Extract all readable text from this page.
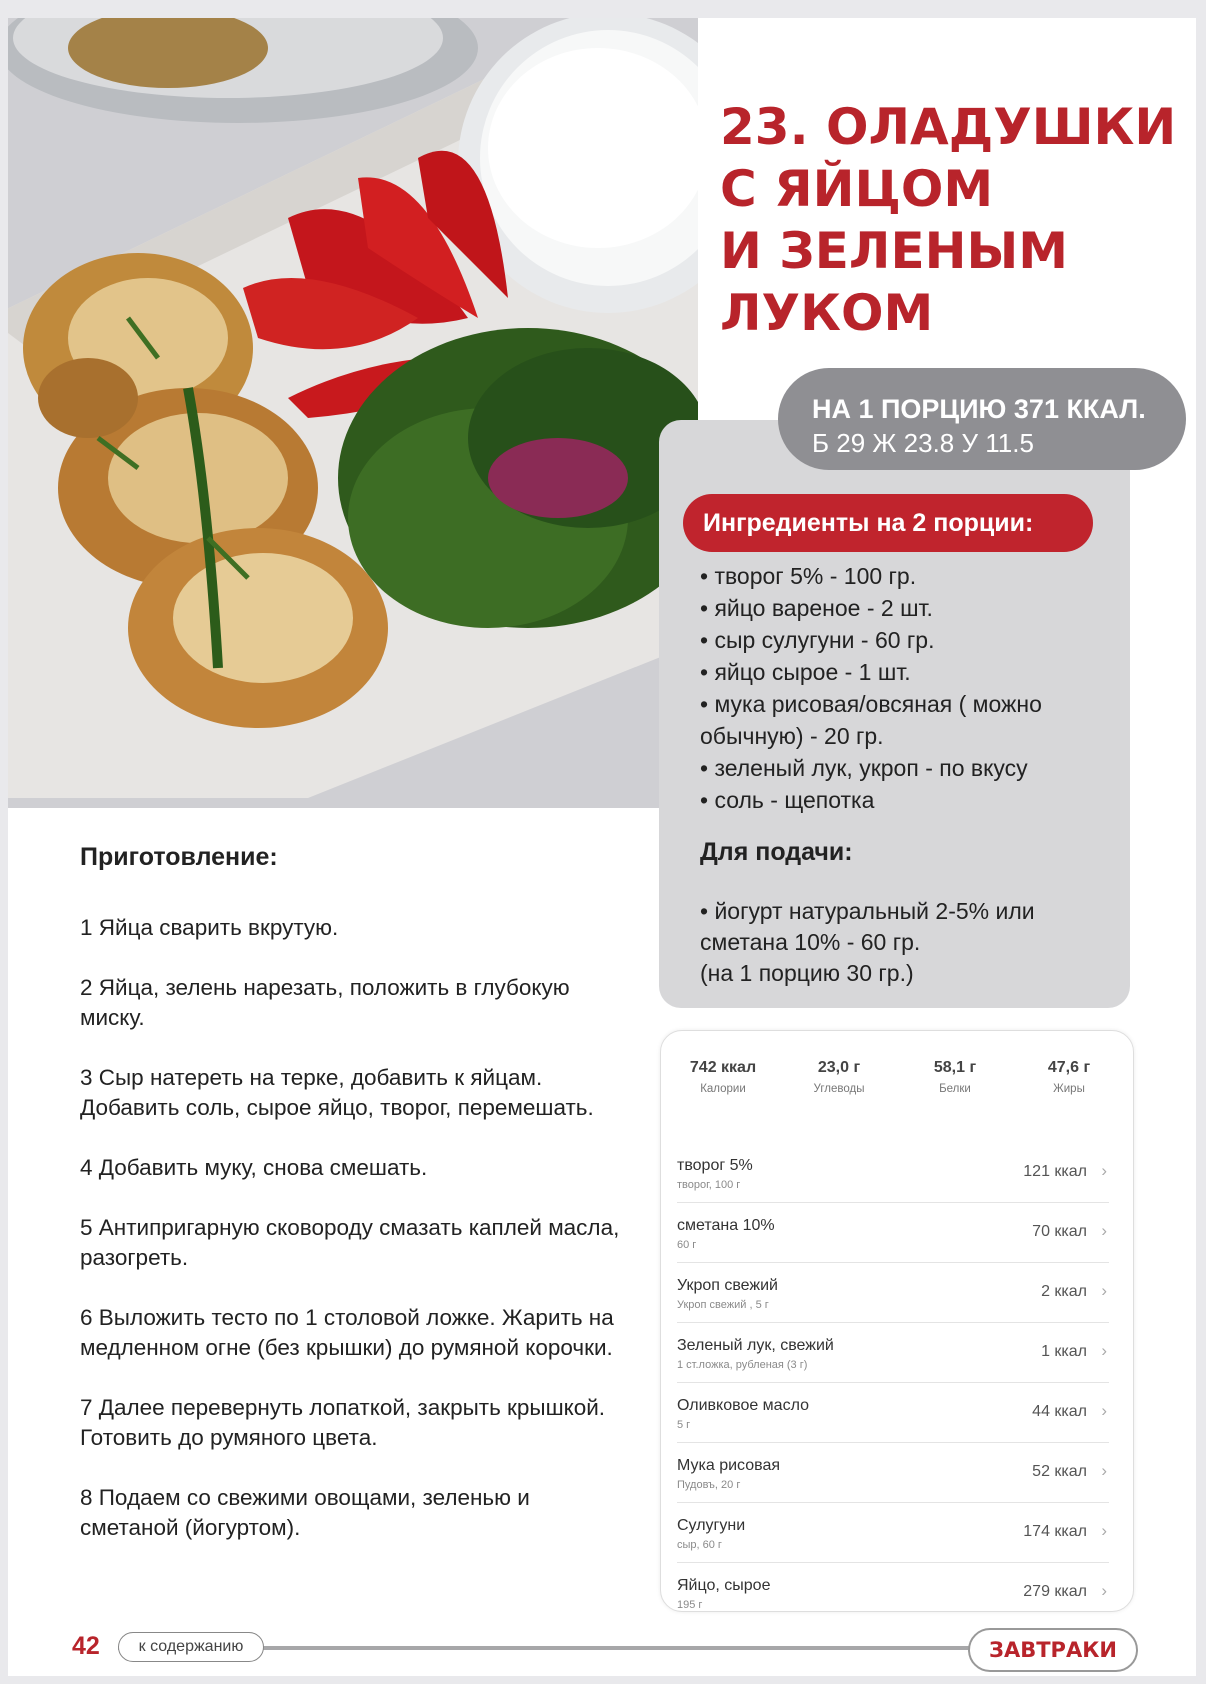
23. ОЛАДУШКИ
С ЯЙЦОМ
И ЗЕЛЕНЫМ
ЛУКОМ
НА 1 ПОРЦИЮ 371 ККАЛ.
Б 29 Ж 23.8 У 11.5
Ингредиенты на 2 порции:
• творог 5% - 100 гр.
• яйцо вареное - 2 шт.
• сыр сулугуни - 60 гр.
• яйцо сырое - 1 шт.
• мука рисовая/овсяная ( можно обычную) - 20 гр.
• зеленый лук, укроп - по вкусу
• соль - щепотка
Для подачи:
• йогурт натуральный 2-5% или сметана 10% - 60 гр.
(на 1 порцию 30 гр.)
Приготовление:
1 Яйца сварить вкрутую.
2 Яйца, зелень нарезать, положить в глубокую миску.
3 Сыр натереть на терке, добавить к яйцам. Добавить соль, сырое яйцо, творог, перемешать.
4 Добавить муку, снова смешать.
5 Антипригарную сковороду смазать каплей масла, разогреть.
6 Выложить тесто по 1 столовой ложке. Жарить на медленном огне (без крышки) до румяной корочки.
7 Далее перевернуть лопаткой, закрыть крышкой. Готовить до румяного цвета.
8 Подаем со свежими овощами, зеленью и сметаной (йогуртом).
742 ккал
Калории
23,0 г
Углеводы
58,1 г
Белки
47,6 г
Жиры
творог 5%
творог, 100 г
121 ккал ›
сметана 10%
60 г
70 ккал ›
Укроп свежий
Укроп свежий , 5 г
2 ккал ›
Зеленый лук, свежий
1 ст.ложка, рубленая (3 г)
1 ккал ›
Оливковое масло
5 г
44 ккал ›
Мука рисовая
Пудовъ, 20 г
52 ккал ›
Сулугуни
сыр, 60 г
174 ккал ›
Яйцо, сырое
195 г
279 ккал ›
42	к содержанию	ЗАВТРАКИ
